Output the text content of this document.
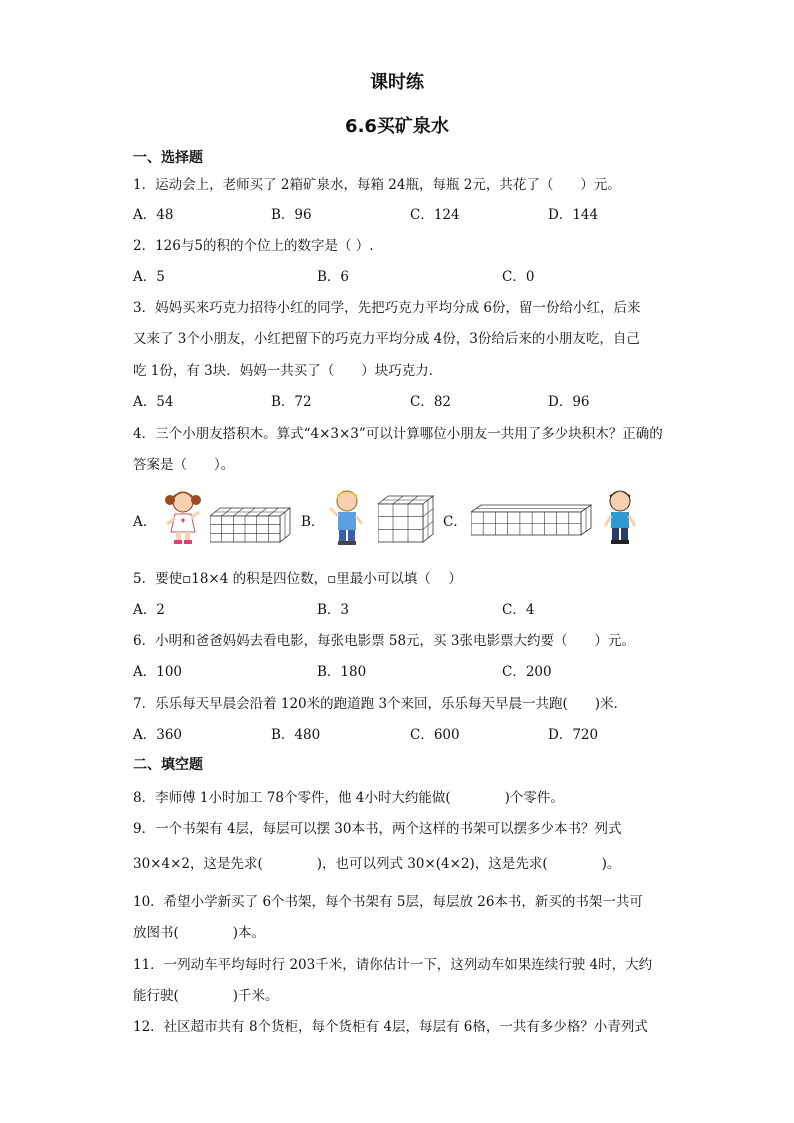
课时练
6.6买矿泉水
一、选择题
1．运动会上，老师买了 2箱矿泉水，每箱 24瓶，每瓶 2元，共花了（　　）元。
A．48	B．96	C．124	D．144
2．126与5的积的个位上的数字是（ ）.
A．5	B．6	C．0
3．妈妈买来巧克力招待小红的同学，先把巧克力平均分成 6份，留一份给小红，后来
又来了 3个小朋友，小红把留下的巧克力平均分成 4份，3份给后来的小朋友吃，自己
吃 1份，有 3块．妈妈一共买了（　　）块巧克力．
A．54	B．72	C．82	D．96
4．三个小朋友搭积木。算式“4×3×3”可以计算哪位小朋友一共用了多少块积木？正确的
答案是（　　）。
A．	B．	C．
5．要使▫18×4 的积是四位数，▫里最小可以填（　 ）
A．2	B．3	C．4
6．小明和爸爸妈妈去看电影，每张电影票 58元，买 3张电影票大约要（　　）元。
A．100	B．180	C．200
7．乐乐每天早晨会沿着 120米的跑道跑 3个来回，乐乐每天早晨一共跑(　　)米.
A．360	B．480	C．600	D．720
二、填空题
8．李师傅 1小时加工 78个零件，他 4小时大约能做(　　　　)个零件。
9．一个书架有 4层，每层可以摆 30本书，两个这样的书架可以摆多少本书？列式
30×4×2，这是先求(　　　　)，也可以列式 30×(4×2)，这是先求(　　　　)。
10．希望小学新买了 6个书架，每个书架有 5层，每层放 26本书，新买的书架一共可
放图书(　　　　)本。
11．一列动车平均每时行 203千米，请你估计一下，这列动车如果连续行驶 4时，大约
能行驶(　　　　)千米。
12．社区超市共有 8个货柜，每个货柜有 4层，每层有 6格，一共有多少格？小青列式
